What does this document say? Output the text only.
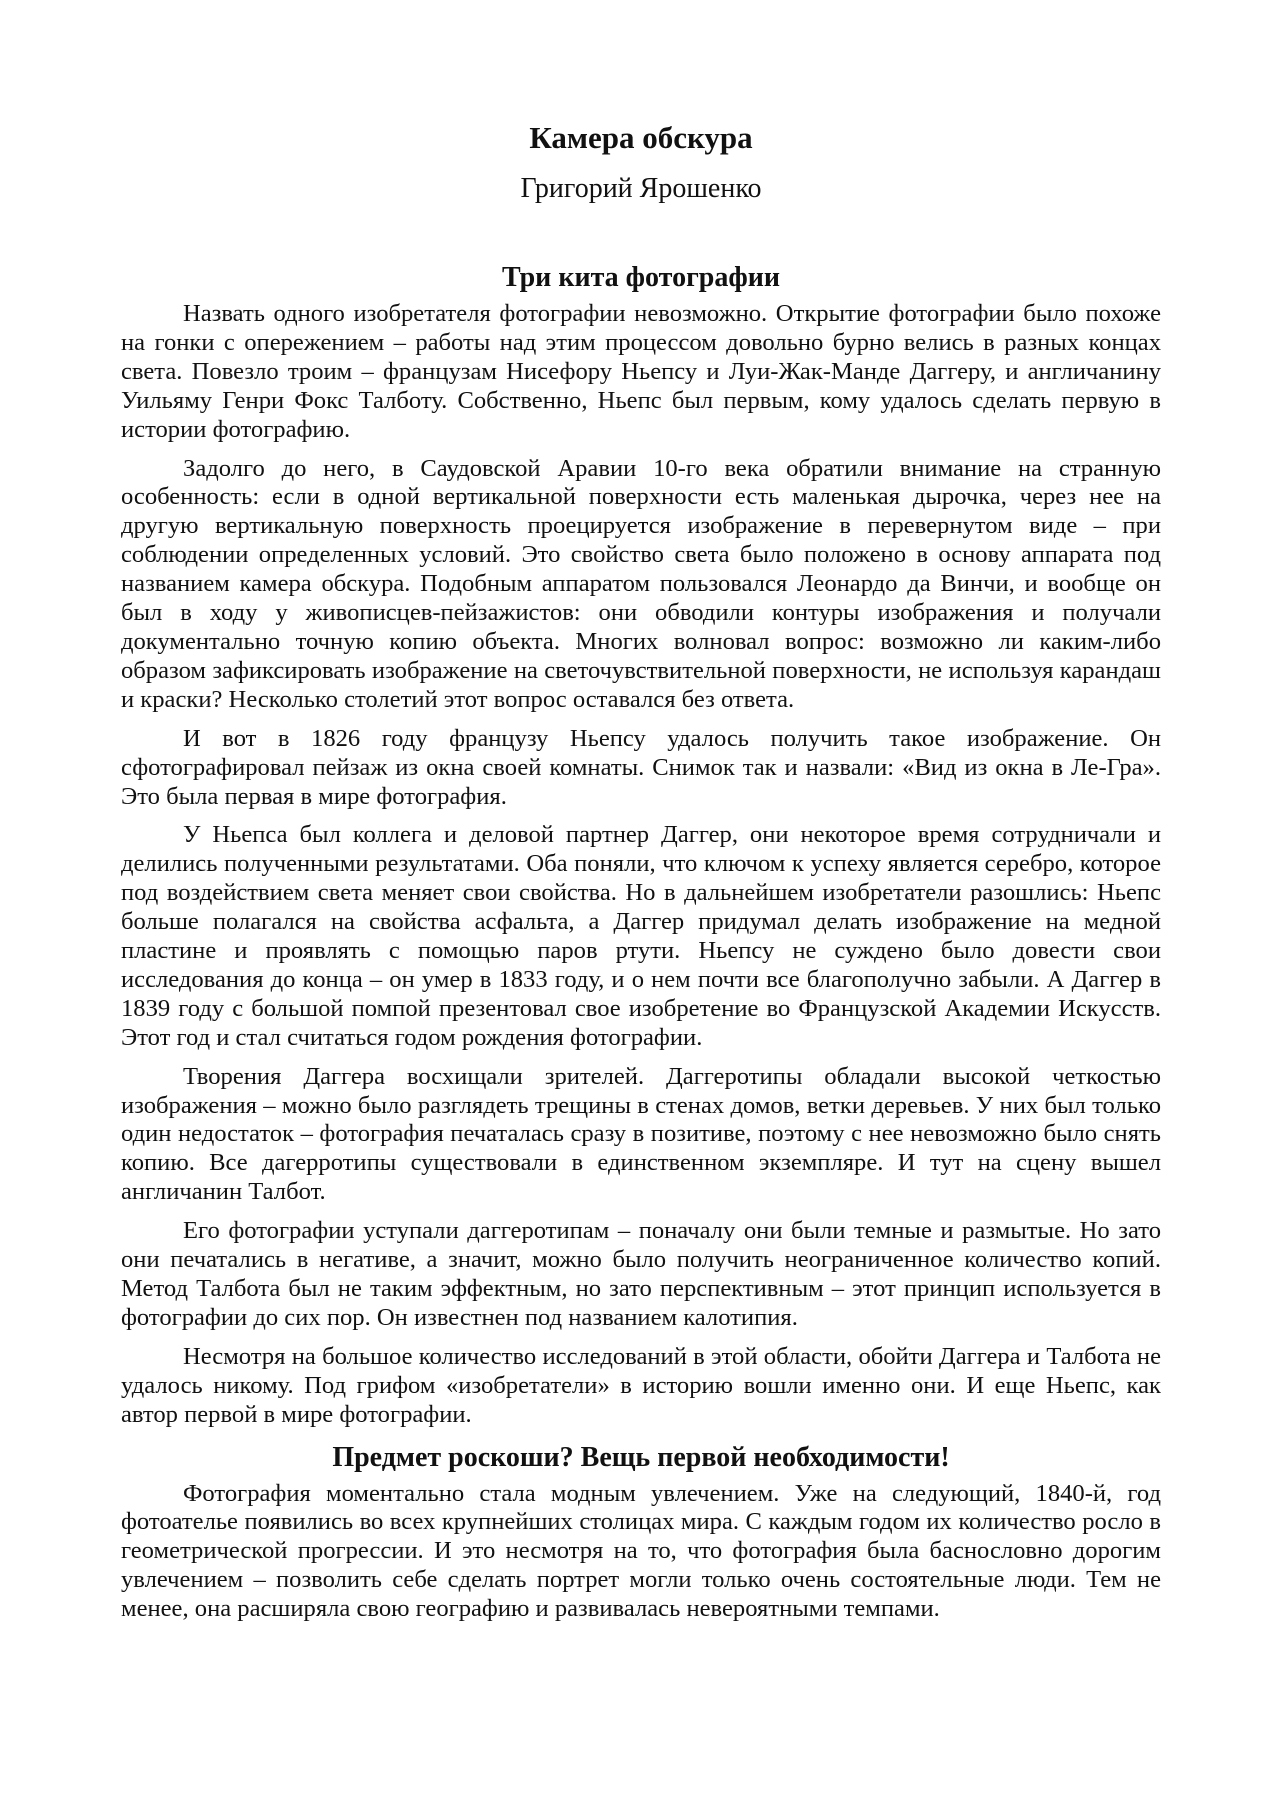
Камера обскура
Григорий Ярошенко
Три кита фотографии

Назвать одного изобретателя фотографии невозможно. Открытие фотографии было похоже на гонки с опережением – работы над этим процессом довольно бурно велись в разных концах света. Повезло троим – французам Нисефору Ньепсу и Луи-Жак-Манде Даггеру, и англичанину Уильяму Генри Фокс Талботу. Собственно, Ньепс был первым, кому удалось сделать первую в истории фотографию.

Задолго до него, в Саудовской Аравии 10-го века обратили внимание на странную особенность: если в одной вертикальной поверхности есть маленькая дырочка, через нее на другую вертикальную поверхность проецируется изображение в перевернутом виде – при соблюдении определенных условий. Это свойство света было положено в основу аппарата под названием камера обскура. Подобным аппаратом пользовался Леонардо да Винчи, и вообще он был в ходу у живописцев-пейзажистов: они обводили контуры изображения и получали документально точную копию объекта. Многих волновал вопрос: возможно ли каким-либо образом зафиксировать изображение на светочувствительной поверхности, не используя карандаш и краски? Несколько столетий этот вопрос оставался без ответа.

И вот в 1826 году французу Ньепсу удалось получить такое изображение. Он сфотографировал пейзаж из окна своей комнаты. Снимок так и назвали: «Вид из окна в Ле-Гра». Это была первая в мире фотография.

У Ньепса был коллега и деловой партнер Даггер, они некоторое время сотрудничали и делились полученными результатами. Оба поняли, что ключом к успеху является серебро, которое под воздействием света меняет свои свойства. Но в дальнейшем изобретатели разошлись: Ньепс больше полагался на свойства асфальта, а Даггер придумал делать изображение на медной пластине и проявлять с помощью паров ртути. Ньепсу не суждено было довести свои исследования до конца – он умер в 1833 году, и о нем почти все благополучно забыли. А Даггер в 1839 году с большой помпой презентовал свое изобретение во Французской Академии Искусств. Этот год и стал считаться годом рождения фотографии.

Творения Даггера восхищали зрителей. Даггеротипы обладали высокой четкостью изображения – можно было разглядеть трещины в стенах домов, ветки деревьев. У них был только один недостаток – фотография печаталась сразу в позитиве, поэтому с нее невозможно было снять копию. Все дагерротипы существовали в единственном экземпляре. И тут на сцену вышел англичанин Талбот.

Его фотографии уступали даггеротипам – поначалу они были темные и размытые. Но зато они печатались в негативе, а значит, можно было получить неограниченное количество копий. Метод Талбота был не таким эффектным, но зато перспективным – этот принцип используется в фотографии до сих пор. Он известнен под названием калотипия.

Несмотря на большое количество исследований в этой области, обойти Даггера и Талбота не удалось никому. Под грифом «изобретатели» в историю вошли именно они. И еще Ньепс, как автор первой в мире фотографии.

Предмет роскоши? Вещь первой необходимости!

Фотография моментально стала модным увлечением. Уже на следующий, 1840-й, год фотоателье появились во всех крупнейших столицах мира. С каждым годом их количество росло в геометрической прогрессии. И это несмотря на то, что фотография была баснословно дорогим увлечением – позволить себе сделать портрет могли только очень состоятельные люди. Тем не менее, она расширяла свою географию и развивалась невероятными темпами.
